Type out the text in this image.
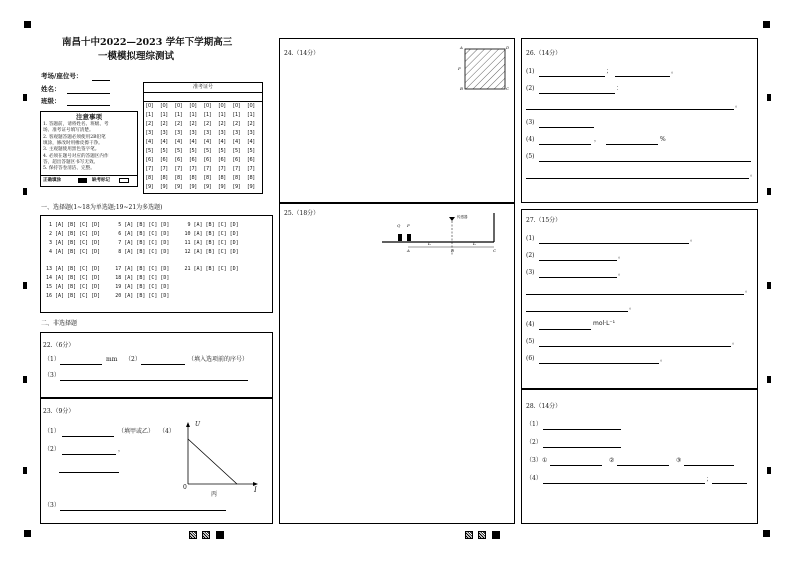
南昌十中2022—2023 学年下学期高三
一模模拟理综测试
考场/座位号：
姓名：
班级：
准考证号
[0] [0] [0] [0] [0] [0] [0] [0]
[1] [1] [1] [1] [1] [1] [1] [1]
[2] [2] [2] [2] [2] [2] [2] [2]
[3] [3] [3] [3] [3] [3] [3] [3]
[4] [4] [4] [4] [4] [4] [4] [4]
[5] [5] [5] [5] [5] [5] [5] [5]
[6] [6] [6] [6] [6] [6] [6] [6]
[7] [7] [7] [7] [7] [7] [7] [7]
[8] [8] [8] [8] [8] [8] [8] [8]
[9] [9] [9] [9] [9] [9] [9] [9]
注意事项
1. 答题前，请将姓名、班级、考
场、准考证号填写清楚。
2. 客观题答题必须使用2B铅笔
填涂，修改时用橡皮擦干净。
3. 主观题使用黑色签字笔。
4. 必须在题号对应的答题区内作
答，超出答题区书写无效。
5. 保持答卷清洁、完整。
正确填涂	缺考标记
一、选择题(1~18为单选题;19~21为多选题)
1 [A] [B] [C] [D]      5 [A] [B] [C] [D]      9 [A] [B] [C] [D]
2 [A] [B] [C] [D]      6 [A] [B] [C] [D]     10 [A] [B] [C] [D]
3 [A] [B] [C] [D]      7 [A] [B] [C] [D]     11 [A] [B] [C] [D]
4 [A] [B] [C] [D]      8 [A] [B] [C] [D]     12 [A] [B] [C] [D]
13 [A] [B] [C] [D]     17 [A] [B] [C] [D]     21 [A] [B] [C] [D]
14 [A] [B] [C] [D]     18 [A] [B] [C] [D]
15 [A] [B] [C] [D]     19 [A] [B] [C] [D]
16 [A] [B] [C] [D]     20 [A] [B] [C] [D]
二、非选择题
22.（6分）
（1）	mm （2）	（填入选项前的序号）
（3）
23.（9分）
（1）	（填甲或乙） （4）
（2）	，
（3）
U
I
0
丙
24.（14分）
A	D
B	C
P
25.（18分）
Q P
A	B	C
L	L
传感器
26.（14分）
(1)	；	。
(2)	：
。
(3)
(4)	，	%
(5)
。
27.（15分）
(1)	。
(2)	。
(3)	。
。
。
(4)	mol·L⁻¹
(5)	。
(6)	。
28.（14分）
（1）
（2）
（3） ①	②	③
（4）	；
